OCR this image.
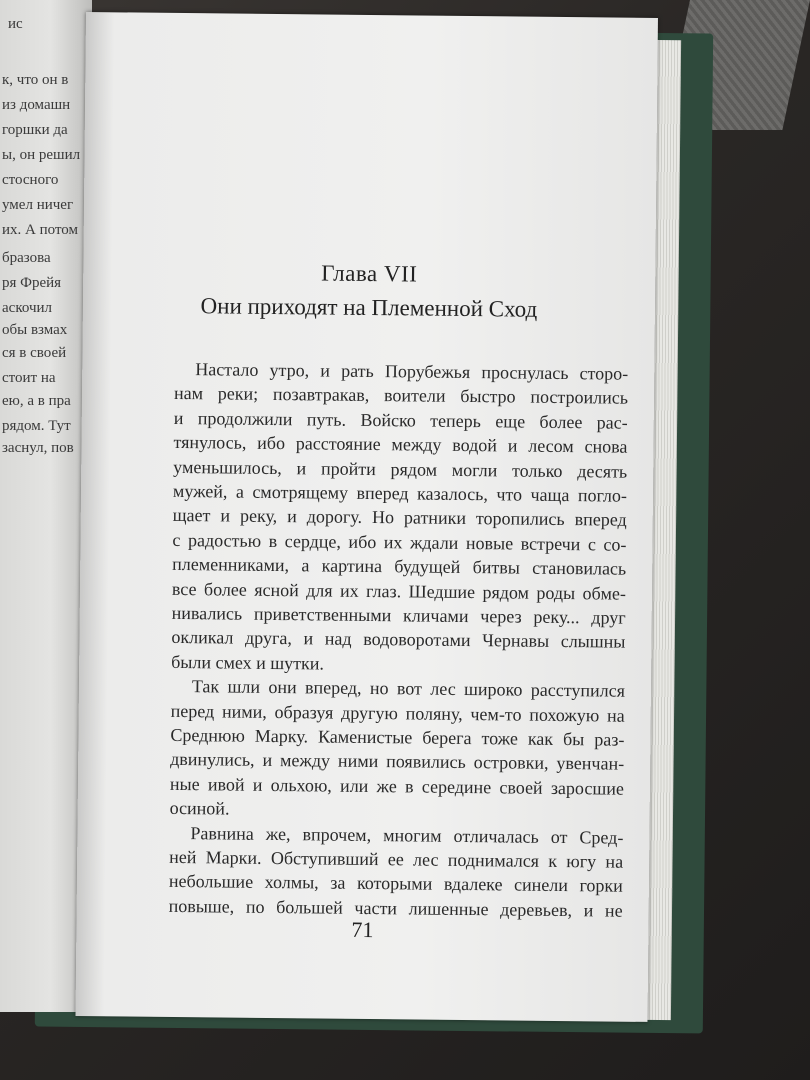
ис
к, что он в
из домашн
горшки да
ы, он решил
стосного
умел ничег
их. А потом
бразова
ря Фрейя
аскочил
обы взмах
ся в своей
стоит на
ею, а в пра
рядом. Тут
заснул, пов
Глава VII
Они приходят на Племенной Сход
71
Настало утро, и рать Порубежья проснулась сторо-
нам реки; позавтракав, воители быстро построились
и продолжили путь. Войско теперь еще более рас-
тянулось, ибо расстояние между водой и лесом снова
уменьшилось, и пройти рядом могли только десять
мужей, а смотрящему вперед казалось, что чаща погло-
щает и реку, и дорогу. Но ратники торопились вперед
с радостью в сердце, ибо их ждали новые встречи с со-
племенниками, а картина будущей битвы становилась
все более ясной для их глаз. Шедшие рядом роды обме-
нивались приветственными кличами через реку... друг
окликал друга, и над водоворотами Чернавы слышны
были смех и шутки.
Так шли они вперед, но вот лес широко расступился
перед ними, образуя другую поляну, чем-то похожую на
Среднюю Марку. Каменистые берега тоже как бы раз-
двинулись, и между ними появились островки, увенчан-
ные ивой и ольхою, или же в середине своей заросшие
осиной.
Равнина же, впрочем, многим отличалась от Сред-
ней Марки. Обступивший ее лес поднимался к югу на
небольшие холмы, за которыми вдалеке синели горки
повыше, по большей части лишенные деревьев, и не
